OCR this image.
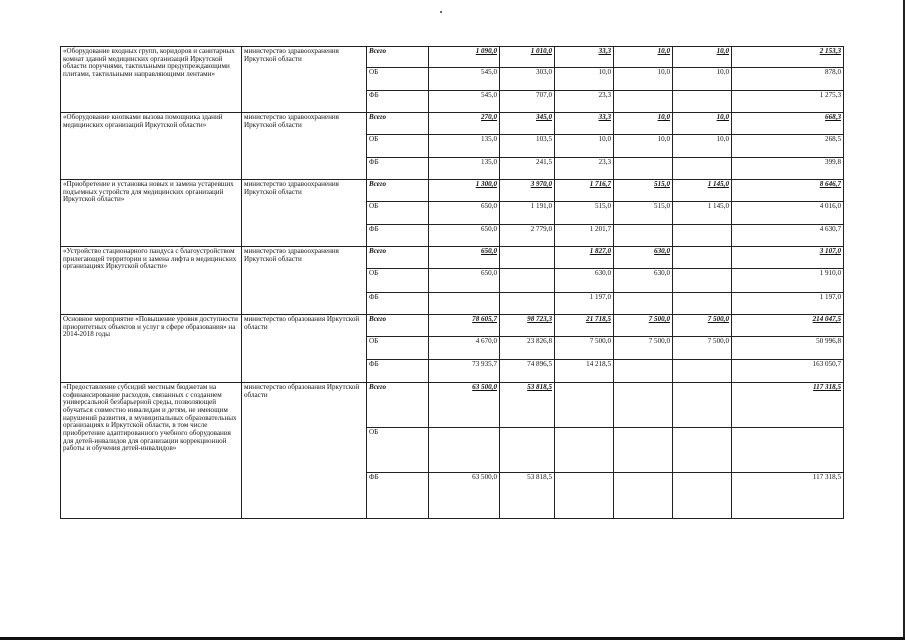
«Оборудование входных групп, коридоров и санитарных комнат зданий медицинских организаций Иркутской области поручнями, тактильными предупреждающими плитами, тактильными направляющими лентами»	министерство здравоохранения Иркутской области	Всего	1 090,0	1 010,0	33,3	10,0	10,0	2 153,3
		ОБ	545,0	303,0	10,0	10,0	10,0	878,0
		ФБ	545,0	707,0	23,3			1 275,3
«Оборудование кнопками вызова помощника зданий медицинских организаций Иркутской области»	министерство здравоохранения Иркутской области	Всего	270,0	345,0	33,3	10,0	10,0	668,3
		ОБ	135,0	103,5	10,0	10,0	10,0	268,5
		ФБ	135,0	241,5	23,3			399,8
«Приобретение и установка новых и замена устаревших подъемных устройств для медицинских организаций Иркутской области»	министерство здравоохранения Иркутской области	Всего	1 300,0	3 970,0	1 716,7	515,0	1 145,0	8 646,7
		ОБ	650,0	1 191,0	515,0	515,0	1 145,0	4 016,0
		ФБ	650,0	2 779,0	1 201,7			4 630,7
«Устройство стационарного пандуса с благоустройством прилегающей территории и замена лифта в медицинских организациях Иркутской области»	министерство здравоохранения Иркутской области	Всего	650,0		1 827,0	630,0		3 107,0
		ОБ	650,0		630,0	630,0		1 910,0
		ФБ			1 197,0			1 197,0
Основное мероприятие «Повышение уровня доступности приоритетных объектов и услуг в сфере образования» на 2014-2018 годы	министерство образования Иркутской области	Всего	78 605,7	98 723,3	21 718,5	7 500,0	7 500,0	214 047,5
		ОБ	4 670,0	23 826,8	7 500,0	7 500,0	7 500,0	50 996,8
		ФБ	73 935,7	74 896,5	14 218,5			163 050,7
«Предоставление субсидий местным бюджетам на софинансирование расходов, связанных с созданием универсальной безбарьерной среды, позволяющей обучаться совместно инвалидам и детям, не имеющим нарушений развития, в муниципальных образовательных организациях в Иркутской области, в том числе приобретение адаптированного учебного оборудования для детей-инвалидов для организации коррекционной работы и обучения детей-инвалидов»	министерство образования Иркутской области	Всего	63 500,0	53 818,5				117 318,5
		ОБ						
		ФБ	63 500,0	53 818,5				117 318,5
